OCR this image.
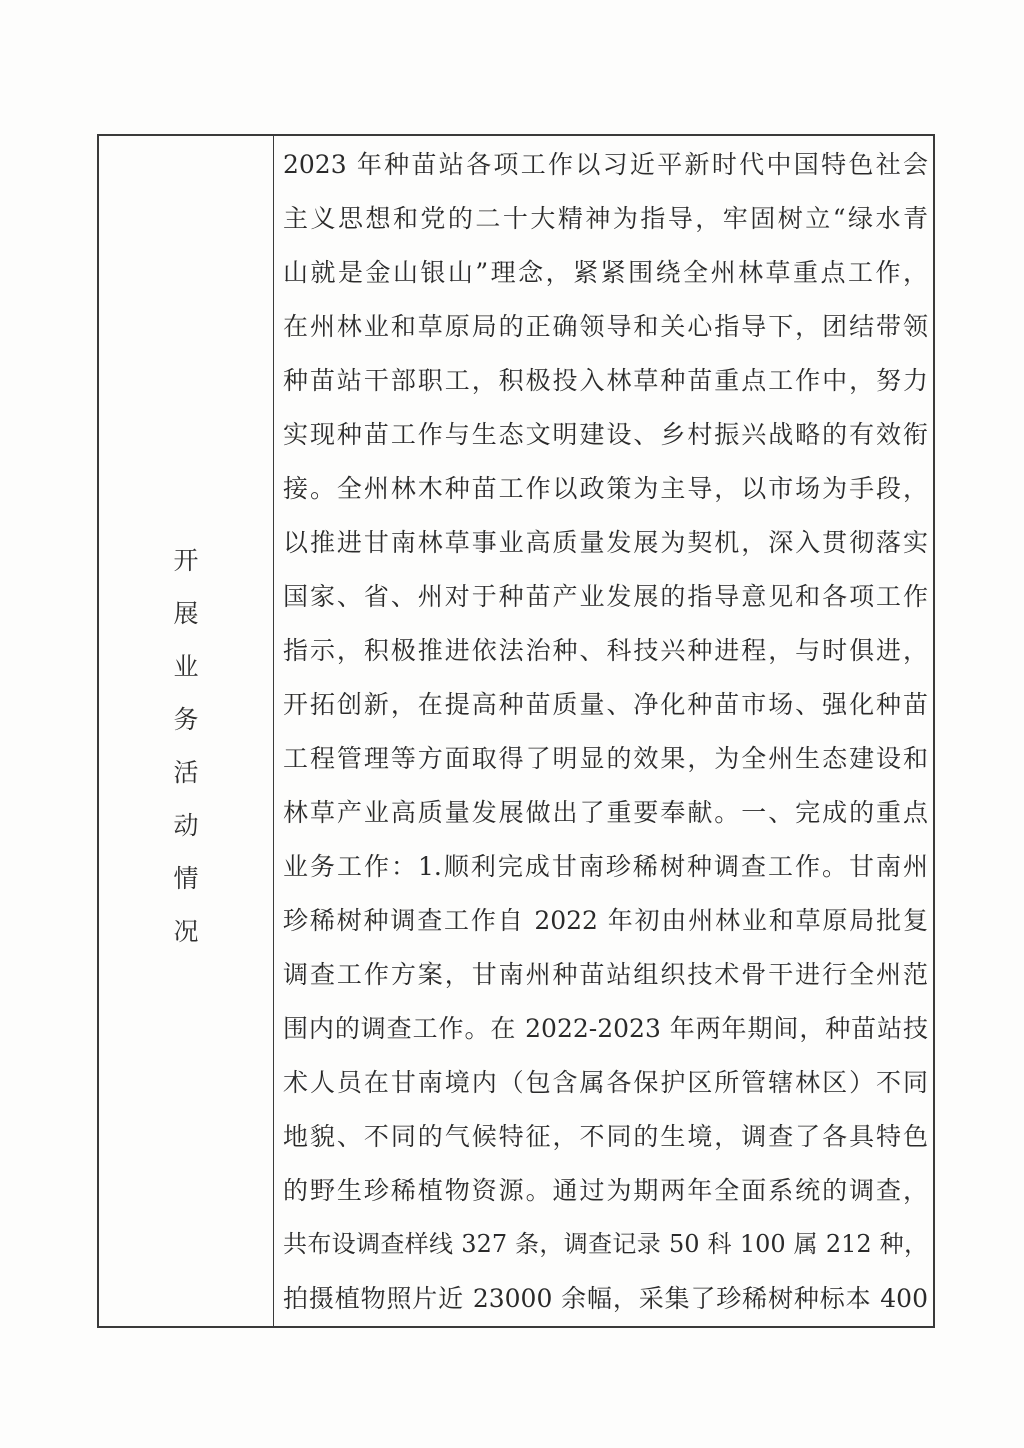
开
展
业
务
活
动
情
况
2023 年种苗站各项工作以习近平新时代中国特色社会
主义思想和党的二十大精神为指导，牢固树立“绿水青
山就是金山银山”理念，紧紧围绕全州林草重点工作，
在州林业和草原局的正确领导和关心指导下，团结带领
种苗站干部职工，积极投入林草种苗重点工作中，努力
实现种苗工作与生态文明建设、乡村振兴战略的有效衔
接。全州林木种苗工作以政策为主导，以市场为手段，
以推进甘南林草事业高质量发展为契机，深入贯彻落实
国家、省、州对于种苗产业发展的指导意见和各项工作
指示，积极推进依法治种、科技兴种进程，与时俱进，
开拓创新，在提高种苗质量、净化种苗市场、强化种苗
工程管理等方面取得了明显的效果，为全州生态建设和
林草产业高质量发展做出了重要奉献。一、完成的重点
业务工作：1.顺利完成甘南珍稀树种调查工作。甘南州
珍稀树种调查工作自 2022 年初由州林业和草原局批复
调查工作方案，甘南州种苗站组织技术骨干进行全州范
围内的调查工作。在 2022-2023 年两年期间，种苗站技
术人员在甘南境内（包含属各保护区所管辖林区）不同
地貌、不同的气候特征，不同的生境，调查了各具特色
的野生珍稀植物资源。通过为期两年全面系统的调查，
共布设调查样线 327 条，调查记录 50 科 100 属 212 种，
拍摄植物照片近 23000 余幅，采集了珍稀树种标本 400
